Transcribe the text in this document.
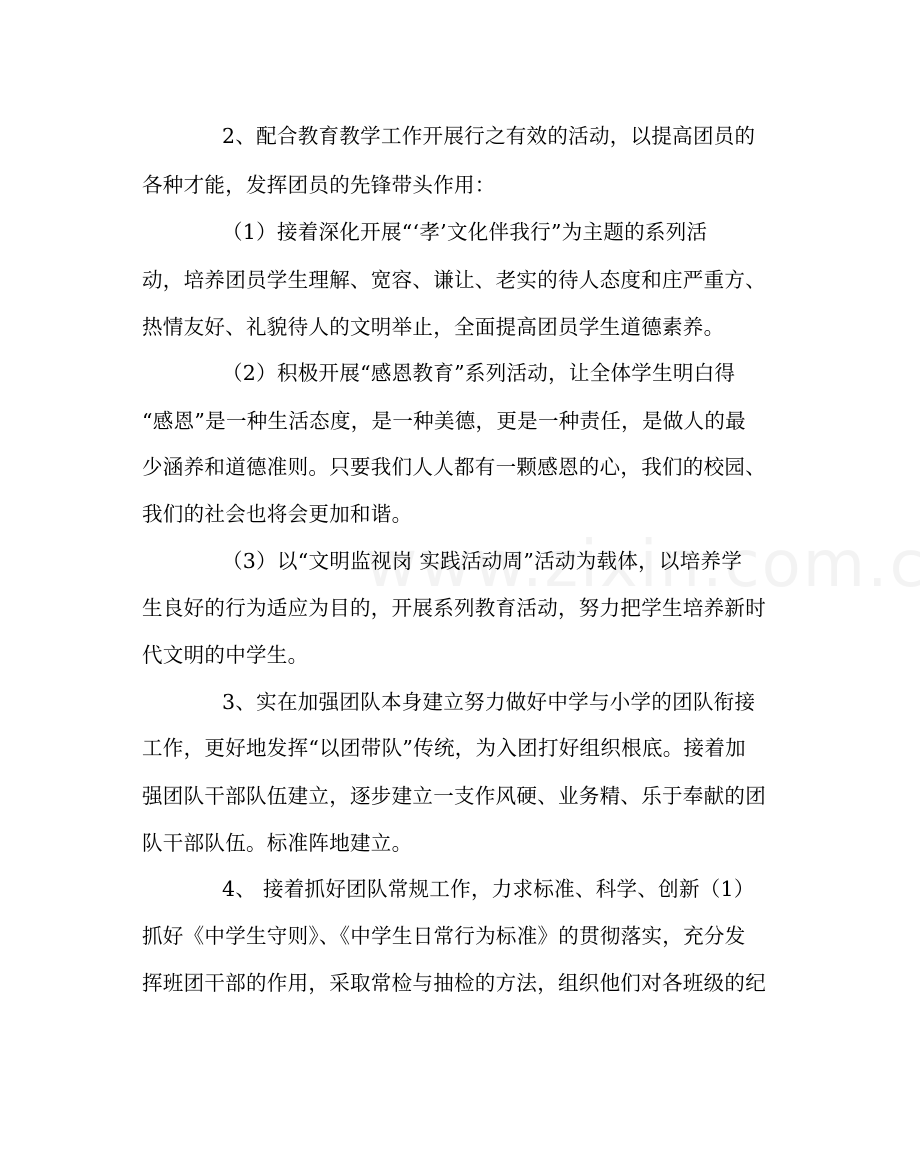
2、配合教育教学工作开展行之有效的活动，以提高团员的
各种才能，发挥团员的先锋带头作用：
（1）接着深化开展“‘孝’文化伴我行”为主题的系列活
动，培养团员学生理解、宽容、谦让、老实的待人态度和庄严重方、
热情友好、礼貌待人的文明举止，全面提高团员学生道德素养。
（2）积极开展“感恩教育”系列活动，让全体学生明白得
“感恩”是一种生活态度，是一种美德，更是一种责任，是做人的最
少涵养和道德准则。只要我们人人都有一颗感恩的心，我们的校园、
我们的社会也将会更加和谐。
（3）以“文明监视岗 实践活动周”活动为载体，以培养学
生良好的行为适应为目的，开展系列教育活动，努力把学生培养新时
代文明的中学生。
3、实在加强团队本身建立努力做好中学与小学的团队衔接
工作，更好地发挥“以团带队”传统，为入团打好组织根底。接着加
强团队干部队伍建立，逐步建立一支作风硬、业务精、乐于奉献的团
队干部队伍。标准阵地建立。
4、 接着抓好团队常规工作，力求标准、科学、创新（1）
抓好《中学生守则》、《中学生日常行为标准》的贯彻落实，充分发
挥班团干部的作用，采取常检与抽检的方法，组织他们对各班级的纪
